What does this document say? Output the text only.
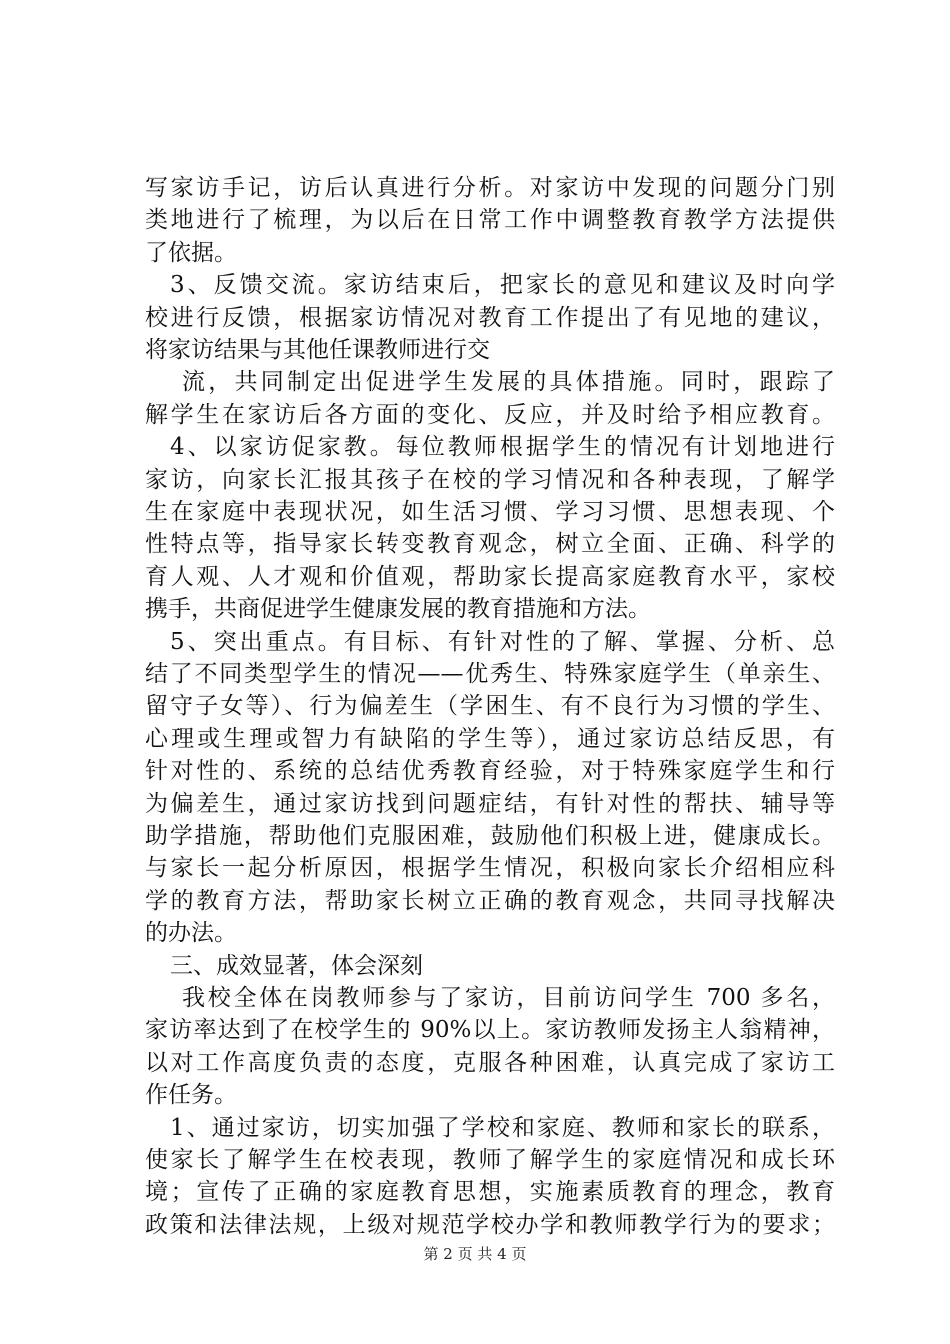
写家访手记，访后认真进行分析。对家访中发现的问题分门别
类地进行了梳理，为以后在日常工作中调整教育教学方法提供
了依据。
3、反馈交流。家访结束后，把家长的意见和建议及时向学
校进行反馈，根据家访情况对教育工作提出了有见地的建议，
将家访结果与其他任课教师进行交
流，共同制定出促进学生发展的具体措施。同时，跟踪了
解学生在家访后各方面的变化、反应，并及时给予相应教育。
4、以家访促家教。每位教师根据学生的情况有计划地进行
家访，向家长汇报其孩子在校的学习情况和各种表现，了解学
生在家庭中表现状况，如生活习惯、学习习惯、思想表现、个
性特点等，指导家长转变教育观念，树立全面、正确、科学的
育人观、人才观和价值观，帮助家长提高家庭教育水平，家校
携手，共商促进学生健康发展的教育措施和方法。
5、突出重点。有目标、有针对性的了解、掌握、分析、总
结了不同类型学生的情况——优秀生、特殊家庭学生（单亲生、
留守子女等）、行为偏差生（学困生、有不良行为习惯的学生、
心理或生理或智力有缺陷的学生等），通过家访总结反思，有
针对性的、系统的总结优秀教育经验，对于特殊家庭学生和行
为偏差生，通过家访找到问题症结，有针对性的帮扶、辅导等
助学措施，帮助他们克服困难，鼓励他们积极上进，健康成长。
与家长一起分析原因，根据学生情况，积极向家长介绍相应科
学的教育方法，帮助家长树立正确的教育观念，共同寻找解决
的办法。
三、成效显著，体会深刻
我校全体在岗教师参与了家访，目前访问学生 700 多名，
家访率达到了在校学生的 90%以上。家访教师发扬主人翁精神，
以对工作高度负责的态度，克服各种困难，认真完成了家访工
作任务。
1、通过家访，切实加强了学校和家庭、教师和家长的联系，
使家长了解学生在校表现，教师了解学生的家庭情况和成长环
境；宣传了正确的家庭教育思想，实施素质教育的理念，教育
政策和法律法规，上级对规范学校办学和教师教学行为的要求；
第 2 页 共 4 页
